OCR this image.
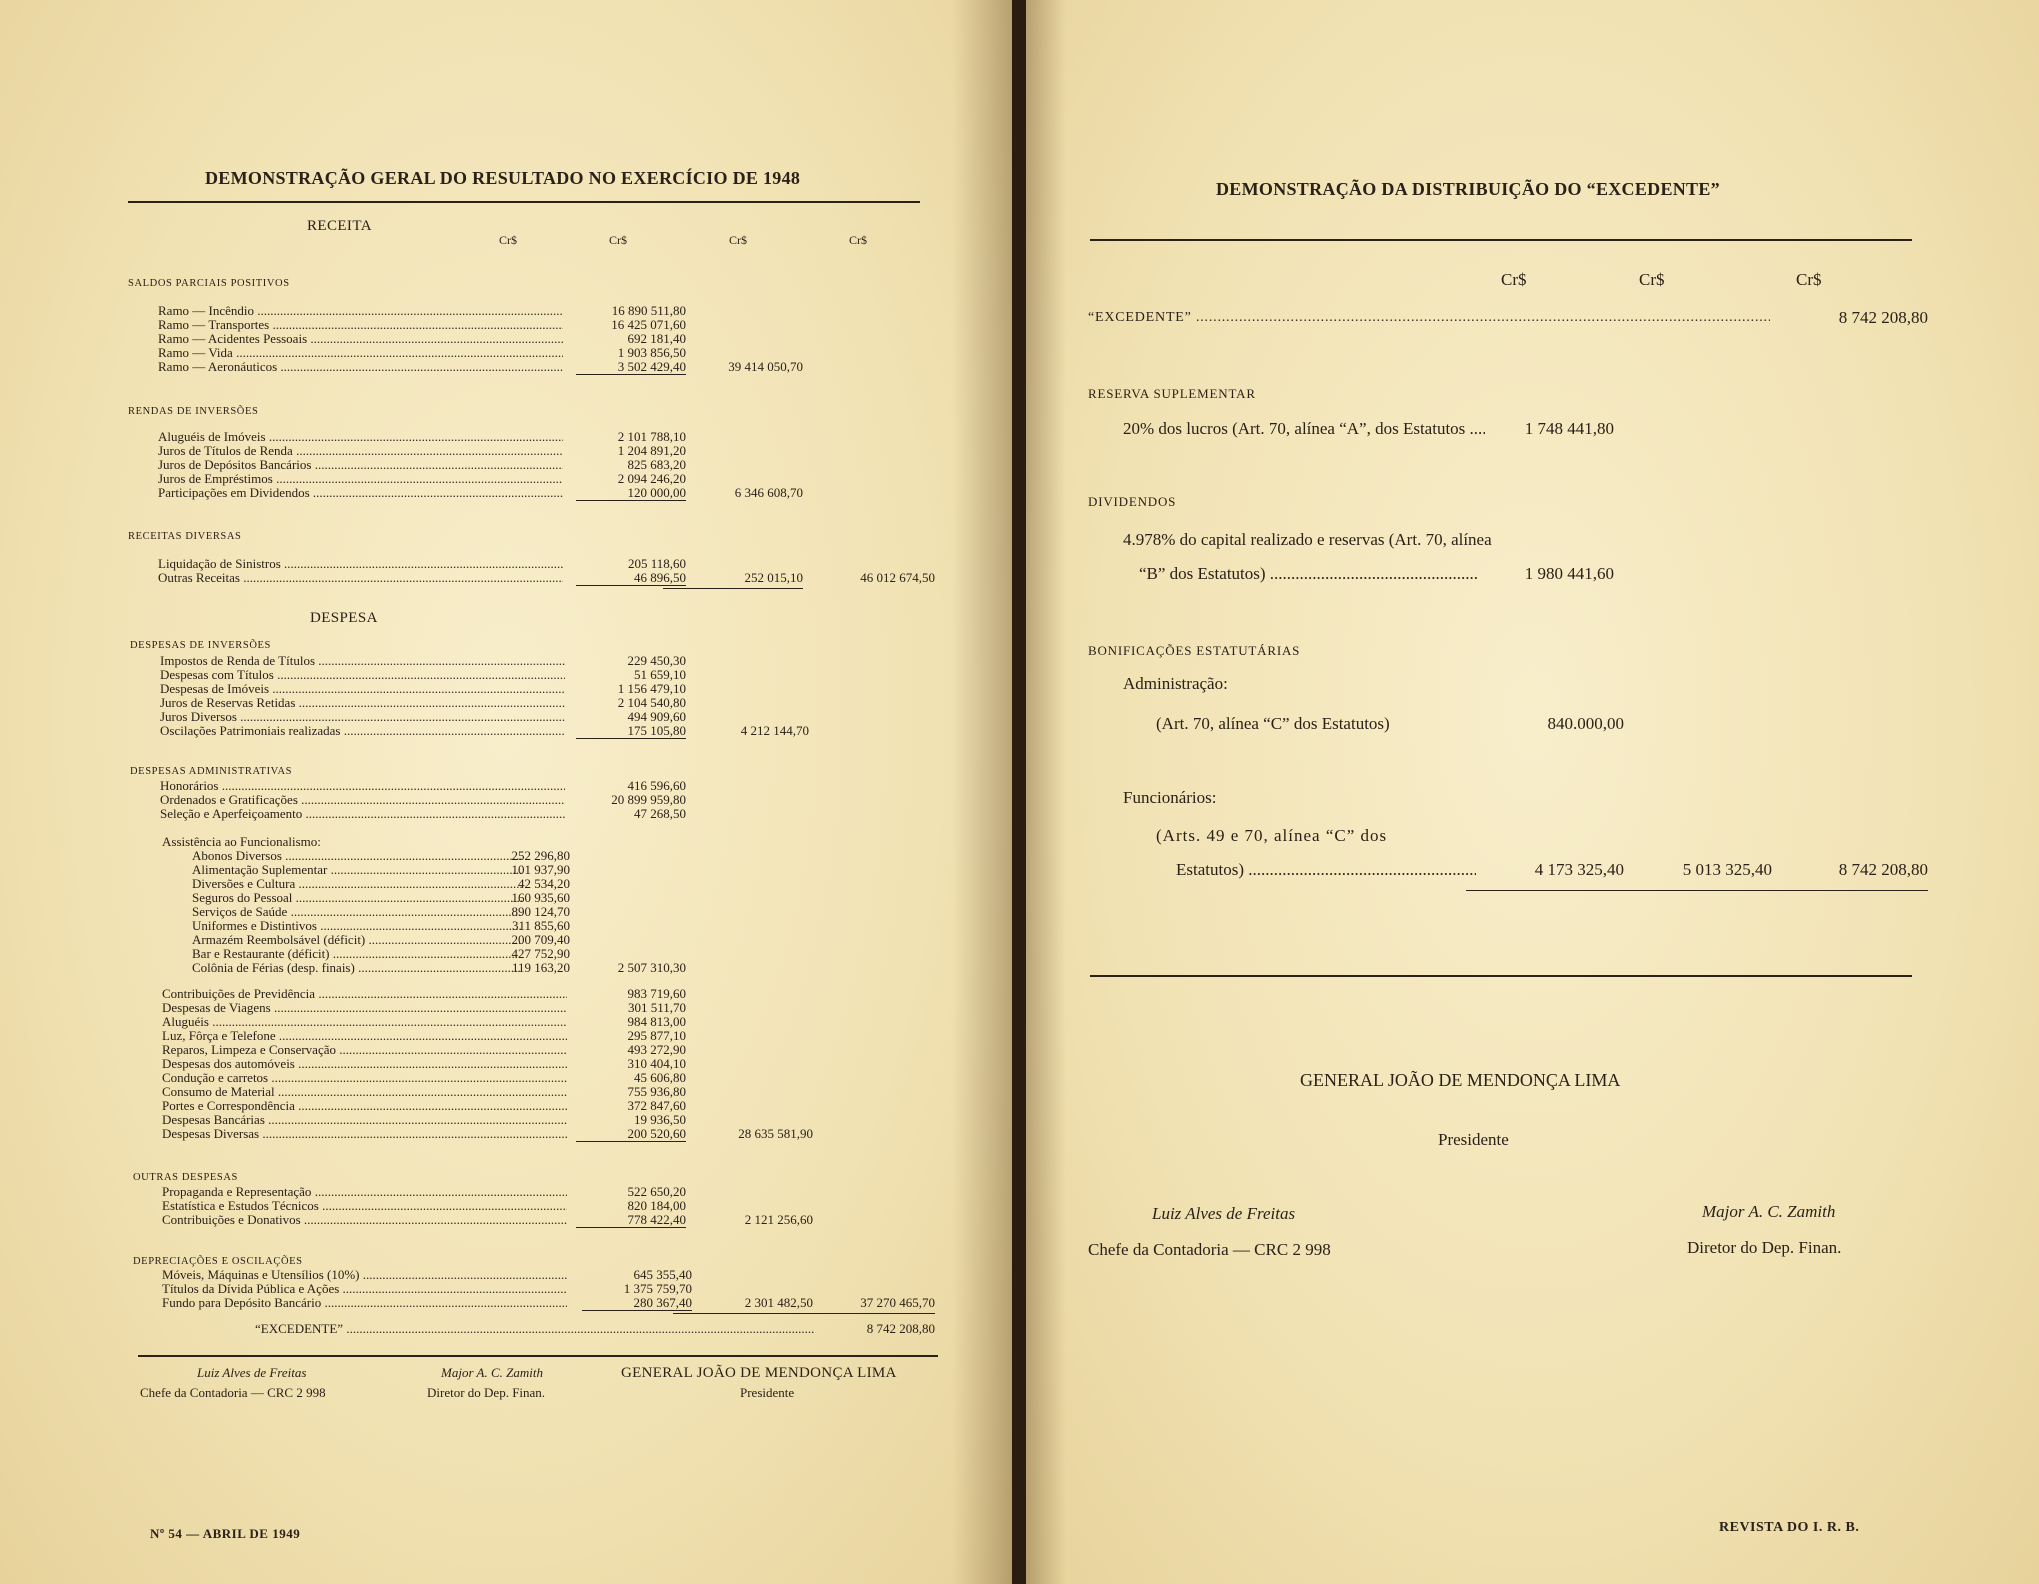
DEMONSTRAÇÃO GERAL DO RESULTADO NO EXERCÍCIO DE 1948
RECEITA
Cr$	Cr$	Cr$	Cr$
SALDOS PARCIAIS POSITIVOS
Ramo — Incêndio .....	16 890 511,80
Ramo — Transportes .....	16 425 071,60
Ramo — Acidentes Pessoais .....	692 181,40
Ramo — Vida .....	1 903 856,50
Ramo — Aeronáuticos .....	3 502 429,40	39 414 050,70
RENDAS DE INVERSÕES
Aluguéis de Imóveis .....	2 101 788,10
Juros de Títulos de Renda .....	1 204 891,20
Juros de Depósitos Bancários .....	825 683,20
Juros de Empréstimos .....	2 094 246,20
Participações em Dividendos .....	120 000,00	6 346 608,70
RECEITAS DIVERSAS
Liquidação de Sinistros .....	205 118,60
Outras Receitas .....	46 896,50	252 015,10	46 012 674,50
DESPESA
DESPESAS DE INVERSÕES
Impostos de Renda de Títulos .....	229 450,30
Despesas com Títulos .....	51 659,10
Despesas de Imóveis .....	1 156 479,10
Juros de Reservas Retidas .....	2 104 540,80
Juros Diversos .....	494 909,60
Oscilações Patrimoniais realizadas .....	175 105,80	4 212 144,70
DESPESAS ADMINISTRATIVAS
Honorários .....	416 596,60
Ordenados e Gratificações .....	20 899 959,80
Seleção e Aperfeiçoamento .....	47 268,50
Assistência ao Funcionalismo:
Abonos Diversos .....	252 296,80
Alimentação Suplementar .....	101 937,90
Diversões e Cultura .....	42 534,20
Seguros do Pessoal .....	160 935,60
Serviços de Saúde .....	890 124,70
Uniformes e Distintivos .....	311 855,60
Armazém Reembolsável (déficit) .....	200 709,40
Bar e Restaurante (déficit) .....	427 752,90
Colônia de Férias (desp. finais) .....	119 163,20	2 507 310,30
Contribuições de Previdência .....	983 719,60
Despesas de Viagens .....	301 511,70
Aluguéis .....	984 813,00
Luz, Fôrça e Telefone .....	295 877,10
Reparos, Limpeza e Conservação .....	493 272,90
Despesas dos automóveis .....	310 404,10
Condução e carretos .....	45 606,80
Consumo de Material .....	755 936,80
Portes e Correspondência .....	372 847,60
Despesas Bancárias .....	19 936,50
Despesas Diversas .....	200 520,60	28 635 581,90
OUTRAS DESPESAS
Propaganda e Representação .....	522 650,20
Estatística e Estudos Técnicos .....	820 184,00
Contribuições e Donativos .....	778 422,40	2 121 256,60
DEPRECIAÇÕES E OSCILAÇÕES
Móveis, Máquinas e Utensílios (10%) .....	645 355,40
Títulos da Dívida Pública e Ações .....	1 375 759,70
Fundo para Depósito Bancário .....	280 367,40	2 301 482,50	37 270 465,70
“EXCEDENTE” .....	8 742 208,80
Luiz Alves de Freitas
Chefe da Contadoria — CRC 2 998
Major A. C. Zamith
Diretor do Dep. Finan.
GENERAL JOÃO DE MENDONÇA LIMA
Presidente
Nº 54 — ABRIL DE 1949
DEMONSTRAÇÃO DA DISTRIBUIÇÃO DO “EXCEDENTE”
Cr$	Cr$	Cr$
“EXCEDENTE” .....	8 742 208,80
RESERVA SUPLEMENTAR
20% dos lucros (Art. 70, alínea “A”, dos Estatutos .....	1 748 441,80
DIVIDENDOS
4.978% do capital realizado e reservas (Art. 70, alínea
“B” dos Estatutos) .....	1 980 441,60
BONIFICAÇÕES ESTATUTÁRIAS
Administração:
(Art. 70, alínea “C” dos Estatutos)	840.000,00
Funcionários:
(Arts. 49 e 70, alínea “C” dos
Estatutos) .....	4 173 325,40	5 013 325,40	8 742 208,80
GENERAL JOÃO DE MENDONÇA LIMA
Presidente
Luiz Alves de Freitas
Chefe da Contadoria — CRC 2 998
Major A. C. Zamith
Diretor do Dep. Finan.
REVISTA DO I. R. B.
